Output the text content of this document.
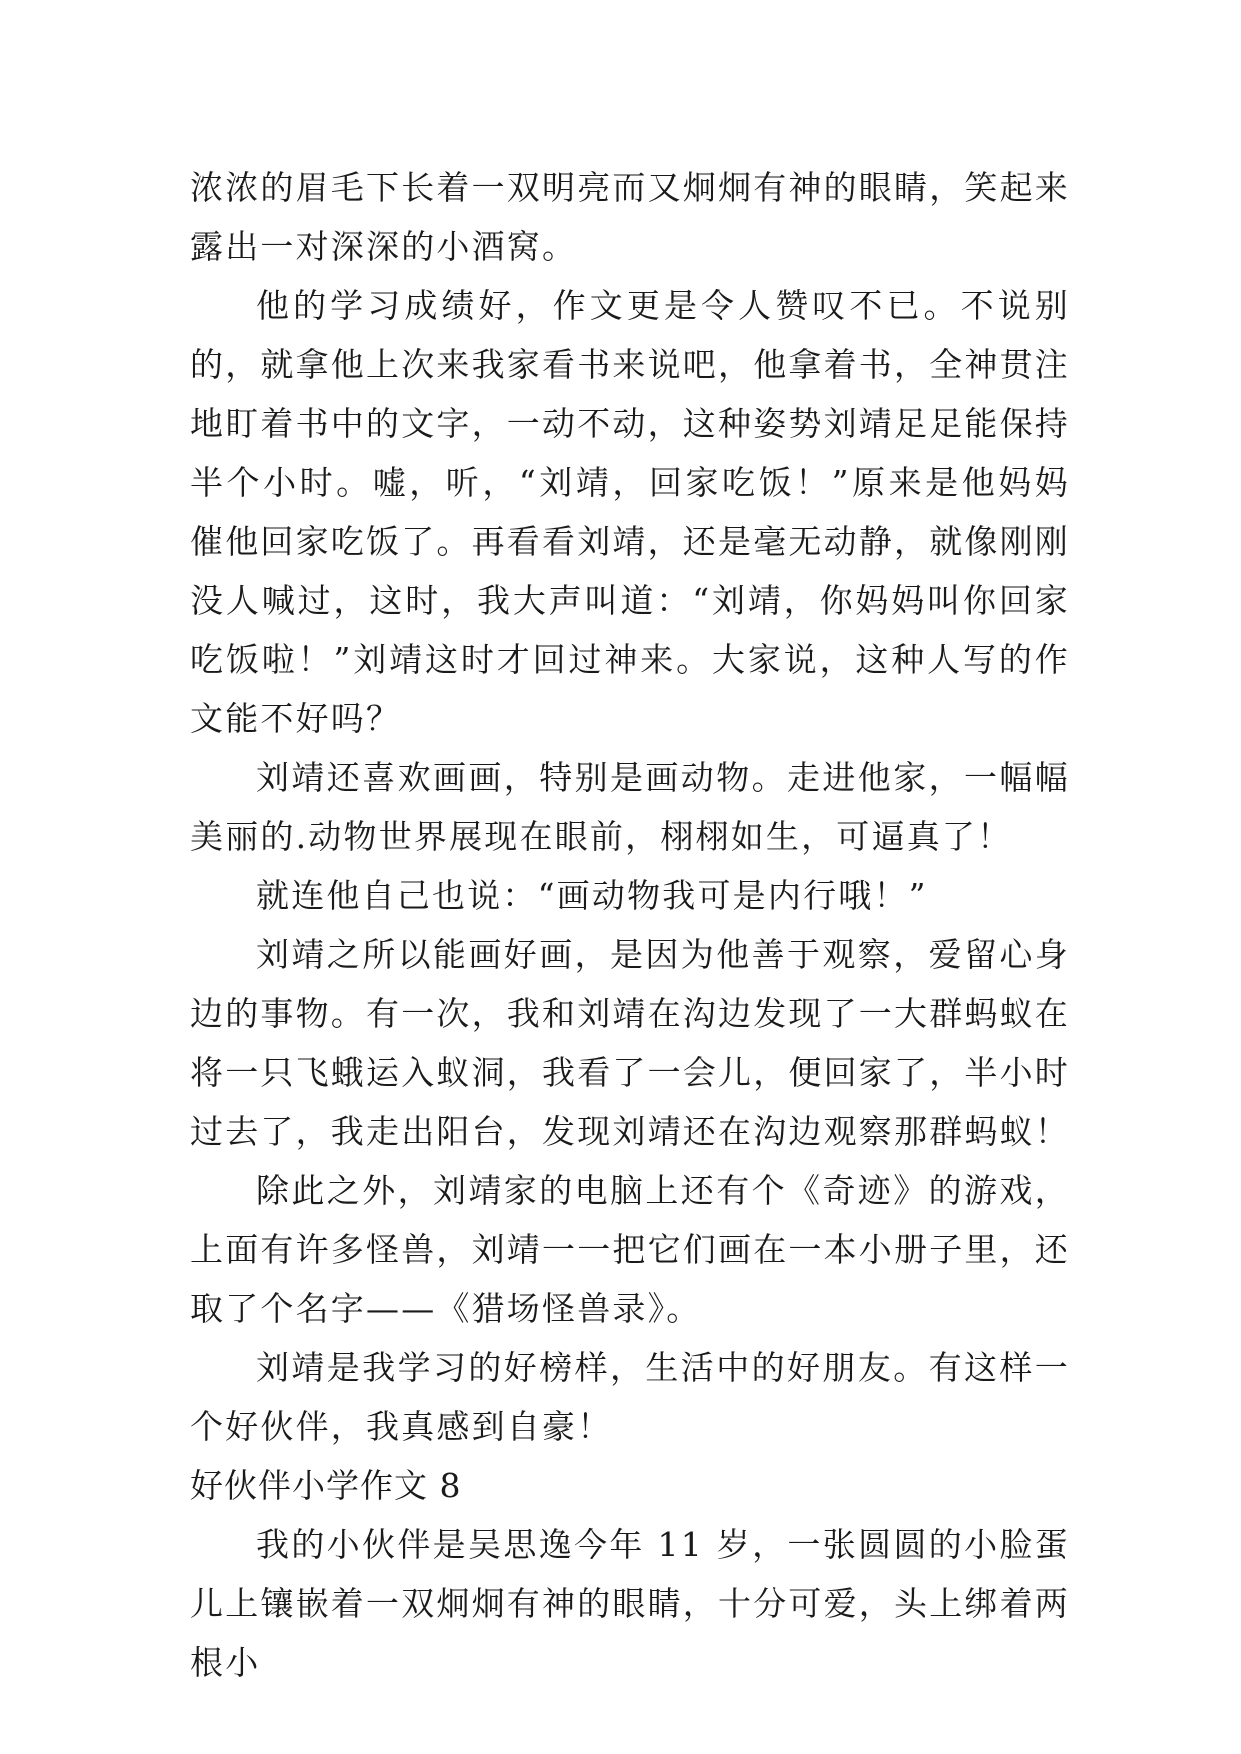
浓浓的眉毛下长着一双明亮而又炯炯有神的眼睛，笑起来露出一对深深的小酒窝。

他的学习成绩好，作文更是令人赞叹不已。不说别的，就拿他上次来我家看书来说吧，他拿着书，全神贯注地盯着书中的文字，一动不动，这种姿势刘靖足足能保持半个小时。嘘，听，“刘靖，回家吃饭！”原来是他妈妈催他回家吃饭了。再看看刘靖，还是毫无动静，就像刚刚没人喊过，这时，我大声叫道：“刘靖，你妈妈叫你回家吃饭啦！”刘靖这时才回过神来。大家说，这种人写的作文能不好吗？

刘靖还喜欢画画，特别是画动物。走进他家，一幅幅美丽的.动物世界展现在眼前，栩栩如生，可逼真了！

就连他自己也说：“画动物我可是内行哦！”

刘靖之所以能画好画，是因为他善于观察，爱留心身边的事物。有一次，我和刘靖在沟边发现了一大群蚂蚁在将一只飞蛾运入蚁洞，我看了一会儿，便回家了，半小时过去了，我走出阳台，发现刘靖还在沟边观察那群蚂蚁！

除此之外，刘靖家的电脑上还有个《奇迹》的游戏，上面有许多怪兽，刘靖一一把它们画在一本小册子里，还取了个名字——《猎场怪兽录》。

刘靖是我学习的好榜样，生活中的好朋友。有这样一个好伙伴，我真感到自豪！

好伙伴小学作文 8

我的小伙伴是吴思逸今年 11 岁，一张圆圆的小脸蛋儿上镶嵌着一双炯炯有神的眼睛，十分可爱，头上绑着两根小
